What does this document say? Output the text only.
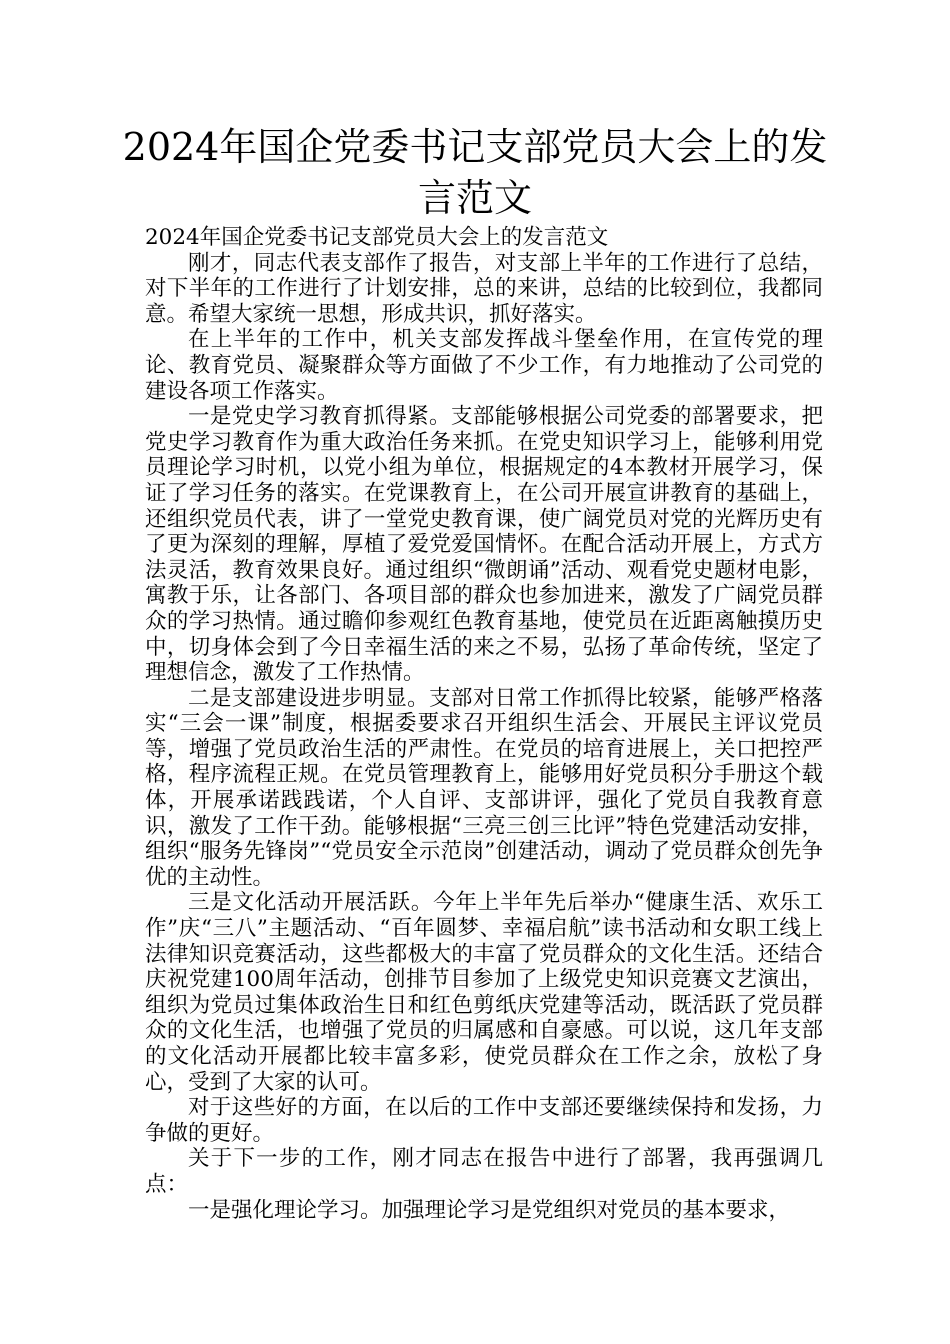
2024年国企党委书记支部党员大会上的发言范文

2024年国企党委书记支部党员大会上的发言范文

刚才，同志代表支部作了报告，对支部上半年的工作进行了总结，对下半年的工作进行了计划安排，总的来讲，总结的比较到位，我都同意。希望大家统一思想，形成共识，抓好落实。

在上半年的工作中，机关支部发挥战斗堡垒作用，在宣传党的理论、教育党员、凝聚群众等方面做了不少工作，有力地推动了公司党的建设各项工作落实。

一是党史学习教育抓得紧。支部能够根据公司党委的部署要求，把党史学习教育作为重大政治任务来抓。在党史知识学习上，能够利用党员理论学习时机，以党小组为单位，根据规定的4本教材开展学习，保证了学习任务的落实。在党课教育上，在公司开展宣讲教育的基础上，还组织党员代表，讲了一堂党史教育课，使广阔党员对党的光辉历史有了更为深刻的理解，厚植了爱党爱国情怀。在配合活动开展上，方式方法灵活，教育效果良好。通过组织“微朗诵”活动、观看党史题材电影，寓教于乐，让各部门、各项目部的群众也参加进来，激发了广阔党员群众的学习热情。通过瞻仰参观红色教育基地，使党员在近距离触摸历史中，切身体会到了今日幸福生活的来之不易，弘扬了革命传统，坚定了理想信念，激发了工作热情。

二是支部建设进步明显。支部对日常工作抓得比较紧，能够严格落实“三会一课”制度，根据委要求召开组织生活会、开展民主评议党员等，增强了党员政治生活的严肃性。在党员的培育进展上，关口把控严格，程序流程正规。在党员管理教育上，能够用好党员积分手册这个载体，开展承诺践践诺，个人自评、支部讲评，强化了党员自我教育意识，激发了工作干劲。能够根据“三亮三创三比评”特色党建活动安排，组织“服务先锋岗”“党员安全示范岗”创建活动，调动了党员群众创先争优的主动性。

三是文化活动开展活跃。今年上半年先后举办“健康生活、欢乐工作”庆“三八”主题活动、“百年圆梦、幸福启航”读书活动和女职工线上法律知识竞赛活动，这些都极大的丰富了党员群众的文化生活。还结合庆祝党建100周年活动，创排节目参加了上级党史知识竞赛文艺演出，组织为党员过集体政治生日和红色剪纸庆党建等活动，既活跃了党员群众的文化生活，也增强了党员的归属感和自豪感。可以说，这几年支部的文化活动开展都比较丰富多彩，使党员群众在工作之余，放松了身心，受到了大家的认可。

对于这些好的方面，在以后的工作中支部还要继续保持和发扬，力争做的更好。

关于下一步的工作，刚才同志在报告中进行了部署，我再强调几点：

一是强化理论学习。加强理论学习是党组织对党员的基本要求，
